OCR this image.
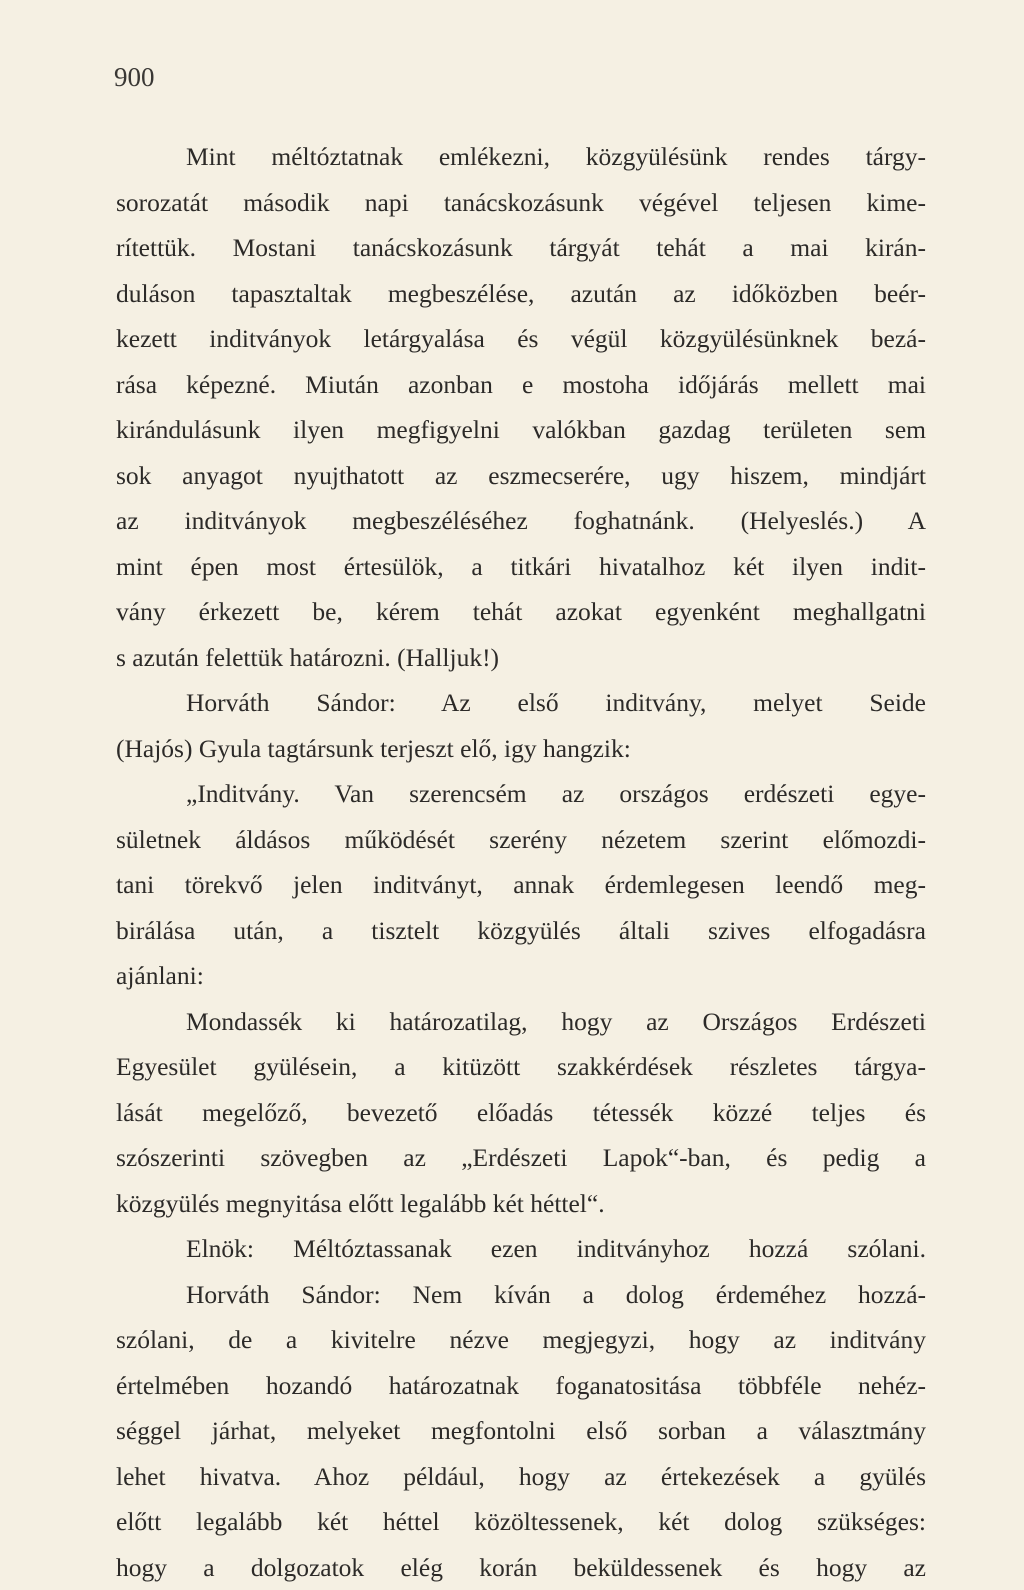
900
Mint méltóztatnak emlékezni, közgyülésünk rendes tárgy-
sorozatát második napi tanácskozásunk végével teljesen kime-
rítettük. Mostani tanácskozásunk tárgyát tehát a mai kirán-
duláson tapasztaltak megbeszélése, azután az időközben beér-
kezett inditványok letárgyalása és végül közgyülésünknek bezá-
rása képezné. Miután azonban e mostoha időjárás mellett mai
kirándulásunk ilyen megfigyelni valókban gazdag területen sem
sok anyagot nyujthatott az eszmecserére, ugy hiszem, mindjárt
az inditványok megbeszéléséhez foghatnánk. (Helyeslés.) A
mint épen most értesülök, a titkári hivatalhoz két ilyen indit-
vány érkezett be, kérem tehát azokat egyenként meghallgatni
s azután felettük határozni. (Halljuk!)
Horváth Sándor: Az első inditvány, melyet Seide
(Hajós) Gyula tagtársunk terjeszt elő, igy hangzik:
„Inditvány. Van szerencsém az országos erdészeti egye-
sületnek áldásos működését szerény nézetem szerint előmozdi-
tani törekvő jelen inditványt, annak érdemlegesen leendő meg-
birálása után, a tisztelt közgyülés általi szives elfogadásra
ajánlani:
Mondassék ki határozatilag, hogy az Országos Erdészeti
Egyesület gyülésein, a kitüzött szakkérdések részletes tárgya-
lását megelőző, bevezető előadás tétessék közzé teljes és
szószerinti szövegben az „Erdészeti Lapok“-ban, és pedig a
közgyülés megnyitása előtt legalább két héttel“.
Elnök: Méltóztassanak ezen inditványhoz hozzá szólani.
Horváth Sándor: Nem kíván a dolog érdeméhez hozzá-
szólani, de a kivitelre nézve megjegyzi, hogy az inditvány
értelmében hozandó határozatnak foganatositása többféle nehéz-
séggel járhat, melyeket megfontolni első sorban a választmány
lehet hivatva. Ahoz például, hogy az értekezések a gyülés
előtt legalább két héttel közöltessenek, két dolog szükséges:
hogy a dolgozatok elég korán beküldessenek és hogy az
